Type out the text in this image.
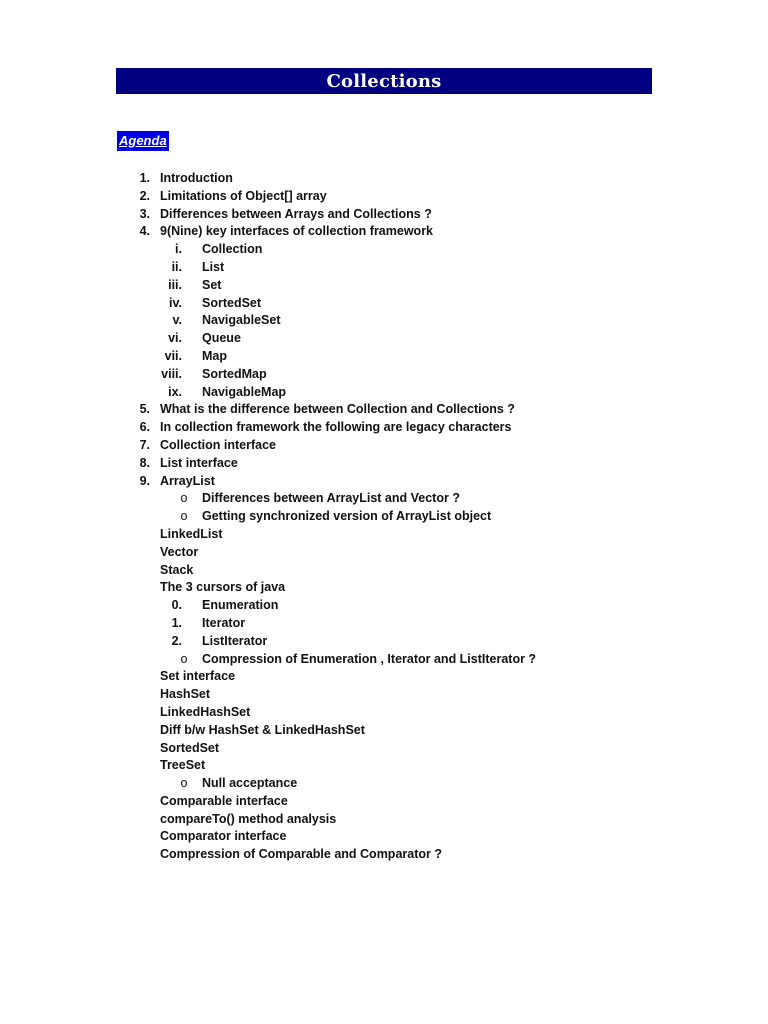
Collections
Agenda
1. Introduction
2. Limitations of Object[] array
3. Differences between Arrays and Collections ?
4. 9(Nine) key interfaces of collection framework
i. Collection
ii. List
iii. Set
iv. SortedSet
v. NavigableSet
vi. Queue
vii. Map
viii. SortedMap
ix. NavigableMap
5. What is the difference between Collection and Collections ?
6. In collection framework the following are legacy characters
7. Collection interface
8. List interface
9. ArrayList
o Differences between ArrayList and Vector ?
o Getting synchronized version of ArrayList object
LinkedList
Vector
Stack
The 3 cursors of java
0. Enumeration
1. Iterator
2. ListIterator
o Compression of Enumeration , Iterator and ListIterator ?
Set interface
HashSet
LinkedHashSet
Diff b/w HashSet & LinkedHashSet
SortedSet
TreeSet
o Null acceptance
Comparable interface
compareTo() method analysis
Comparator interface
Compression of Comparable and Comparator ?
